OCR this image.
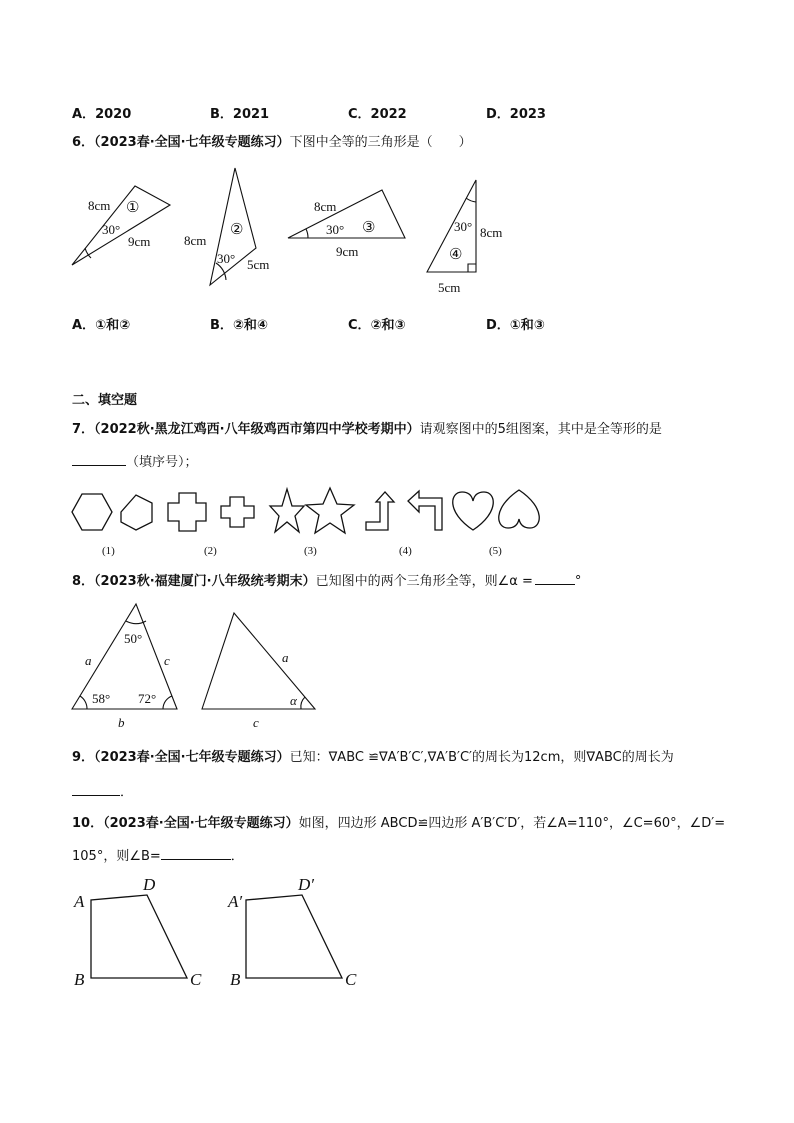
A．2020	B．2021	C．2022	D．2023
6．（2023春·全国·七年级专题练习）下图中全等的三角形是（　　）
8cm ①
30°
9cm	8cm
②
30° 5cm
8cm
30° ③
9cm
30° 8cm
④
5cm
A．①和②	B．②和④	C．②和③	D．①和③
二、填空题
7．（2022秋·黑龙江鸡西·八年级鸡西市第四中学校考期中）请观察图中的5组图案，其中是全等形的是
（填序号）；
(1)	(2)	(3)	(4)	(5)
8．（2023秋·福建厦门·八年级统考期末）已知图中的两个三角形全等，则∠α =	°
50°
a	c
58° 72°
b
a
α
c
9．（2023春·全国·七年级专题练习）已知：∇ABC ≌∇A′B′C′,∇A′B′C′的周长为12cm，则∇ABC的周长为
．
10．（2023春·全国·七年级专题练习）如图，四边形 ABCD≌四边形 A′B′C′D′，若∠A=110°，∠C=60°，∠D′=
105°，则∠B=	．
A
D
B	C
A′
D′
B	C
